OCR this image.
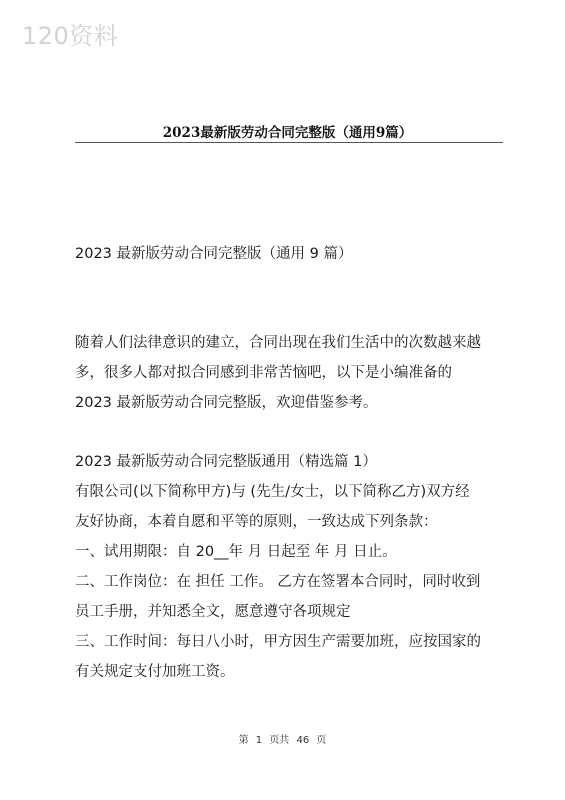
120资料
2023最新版劳动合同完整版（通用9篇）
2023 最新版劳动合同完整版（通用 9 篇）
随着人们法律意识的建立，合同出现在我们生活中的次数越来越
多，很多人都对拟合同感到非常苦恼吧，以下是小编准备的
2023 最新版劳动合同完整版，欢迎借鉴参考。
2023 最新版劳动合同完整版通用（精选篇 1）
有限公司(以下简称甲方)与 (先生/女士，以下简称乙方)双方经
友好协商，本着自愿和平等的原则，一致达成下列条款：
一、试用期限：自 20__年 月 日起至 年 月 日止。
二、工作岗位：在 担任 工作。 乙方在签署本合同时，同时收到
员工手册，并知悉全文，愿意遵守各项规定
三、工作时间：每日八小时，甲方因生产需要加班，应按国家的
有关规定支付加班工资。
第 1 页共 46 页
